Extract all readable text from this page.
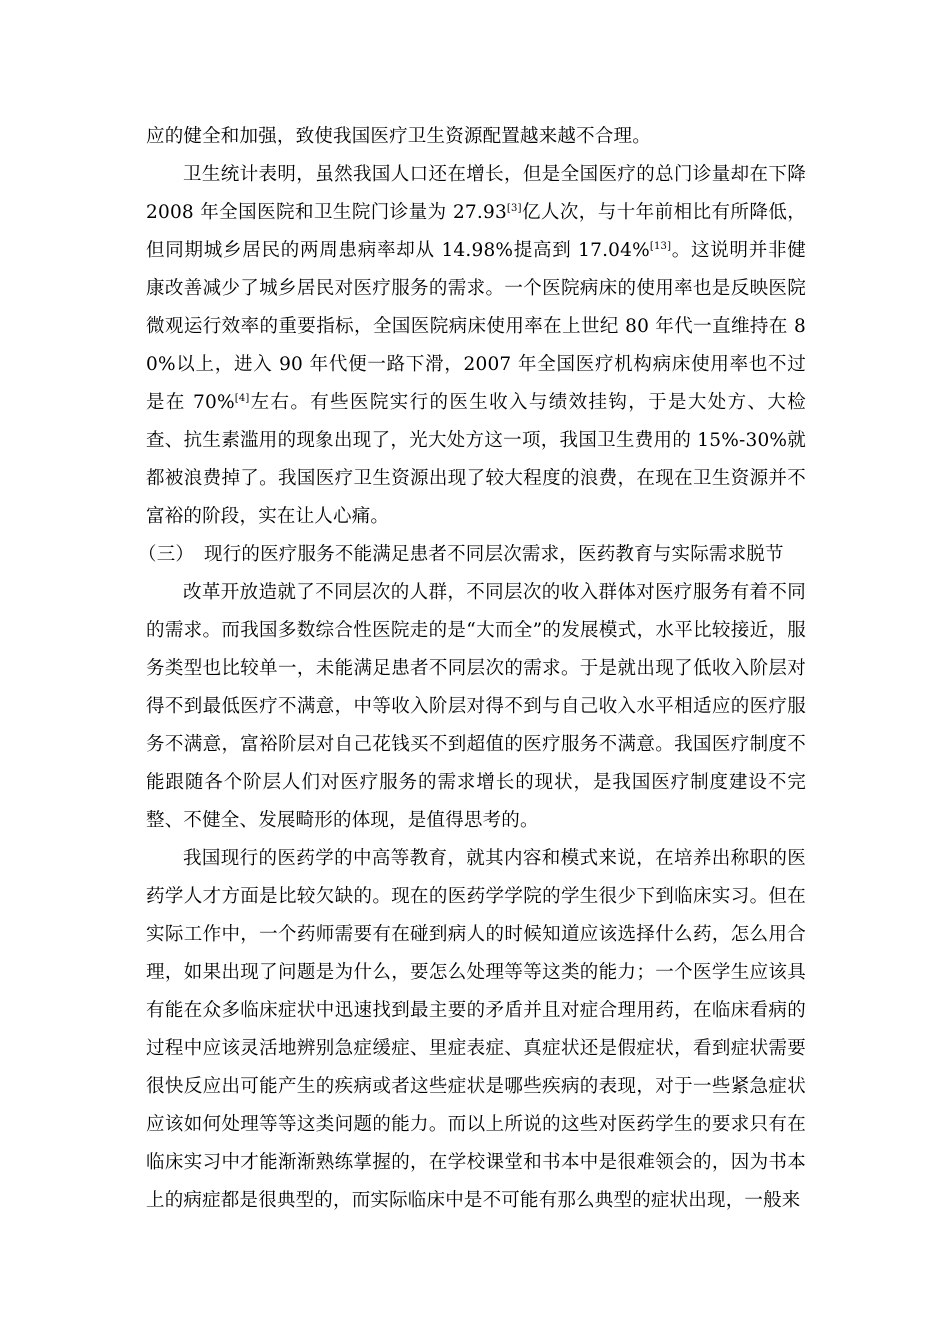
应的健全和加强，致使我国医疗卫生资源配置越来越不合理。

卫生统计表明，虽然我国人口还在增长，但是全国医疗的总门诊量却在下降2008 年全国医院和卫生院门诊量为 27.93[3]亿人次，与十年前相比有所降低，但同期城乡居民的两周患病率却从 14.98%提高到 17.04%[13]。这说明并非健康改善减少了城乡居民对医疗服务的需求。一个医院病床的使用率也是反映医院微观运行效率的重要指标，全国医院病床使用率在上世纪 80 年代一直维持在 80%以上，进入 90 年代便一路下滑，2007 年全国医疗机构病床使用率也不过是在 70%[4]左右。有些医院实行的医生收入与绩效挂钩，于是大处方、大检查、抗生素滥用的现象出现了，光大处方这一项，我国卫生费用的 15%-30%就都被浪费掉了。我国医疗卫生资源出现了较大程度的浪费，在现在卫生资源并不富裕的阶段，实在让人心痛。

（三） 现行的医疗服务不能满足患者不同层次需求，医药教育与实际需求脱节

改革开放造就了不同层次的人群，不同层次的收入群体对医疗服务有着不同的需求。而我国多数综合性医院走的是“大而全”的发展模式，水平比较接近，服务类型也比较单一，未能满足患者不同层次的需求。于是就出现了低收入阶层对得不到最低医疗不满意，中等收入阶层对得不到与自己收入水平相适应的医疗服务不满意，富裕阶层对自己花钱买不到超值的医疗服务不满意。我国医疗制度不能跟随各个阶层人们对医疗服务的需求增长的现状，是我国医疗制度建设不完整、不健全、发展畸形的体现，是值得思考的。

我国现行的医药学的中高等教育，就其内容和模式来说，在培养出称职的医药学人才方面是比较欠缺的。现在的医药学学院的学生很少下到临床实习。但在实际工作中，一个药师需要有在碰到病人的时候知道应该选择什么药，怎么用合理，如果出现了问题是为什么，要怎么处理等等这类的能力；一个医学生应该具有能在众多临床症状中迅速找到最主要的矛盾并且对症合理用药，在临床看病的过程中应该灵活地辨别急症缓症、里症表症、真症状还是假症状，看到症状需要很快反应出可能产生的疾病或者这些症状是哪些疾病的表现，对于一些紧急症状应该如何处理等等这类问题的能力。而以上所说的这些对医药学生的要求只有在临床实习中才能渐渐熟练掌握的，在学校课堂和书本中是很难领会的，因为书本上的病症都是很典型的，而实际临床中是不可能有那么典型的症状出现，一般来
